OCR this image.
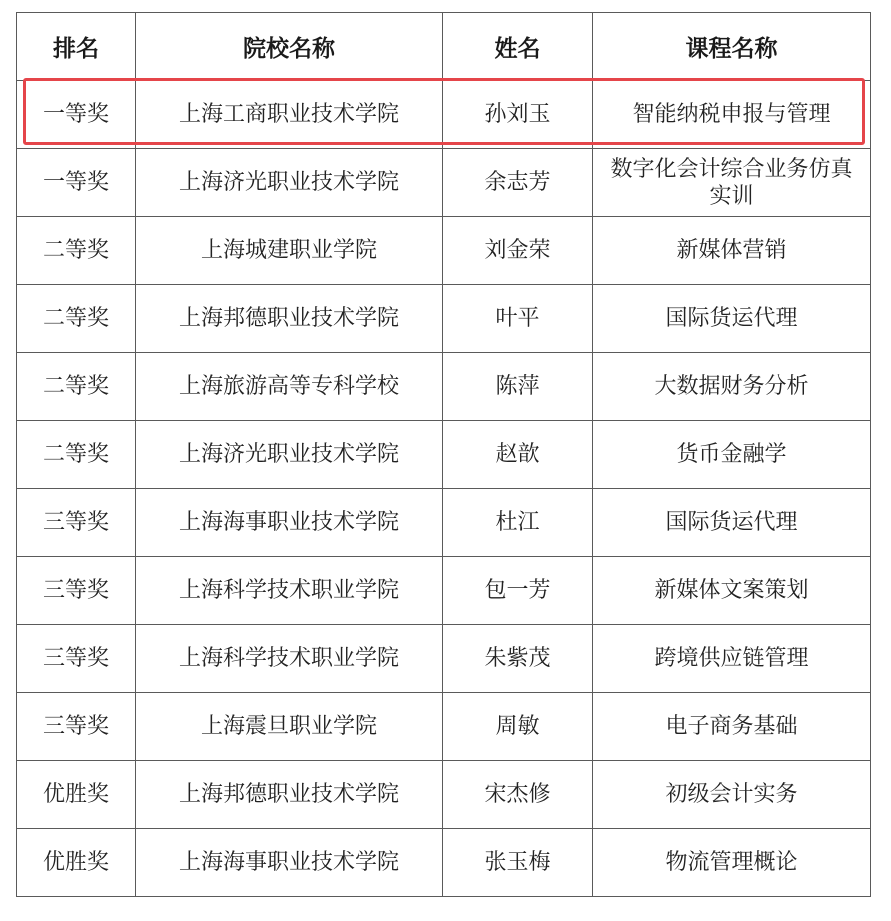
排名	院校名称	姓名	课程名称
一等奖	上海工商职业技术学院	孙刘玉	智能纳税申报与管理
一等奖	上海济光职业技术学院	余志芳	数字化会计综合业务仿真实训
二等奖	上海城建职业学院	刘金荣	新媒体营销
二等奖	上海邦德职业技术学院	叶平	国际货运代理
二等奖	上海旅游高等专科学校	陈萍	大数据财务分析
二等奖	上海济光职业技术学院	赵歆	货币金融学
三等奖	上海海事职业技术学院	杜江	国际货运代理
三等奖	上海科学技术职业学院	包一芳	新媒体文案策划
三等奖	上海科学技术职业学院	朱紫茂	跨境供应链管理
三等奖	上海震旦职业学院	周敏	电子商务基础
优胜奖	上海邦德职业技术学院	宋杰修	初级会计实务
优胜奖	上海海事职业技术学院	张玉梅	物流管理概论
